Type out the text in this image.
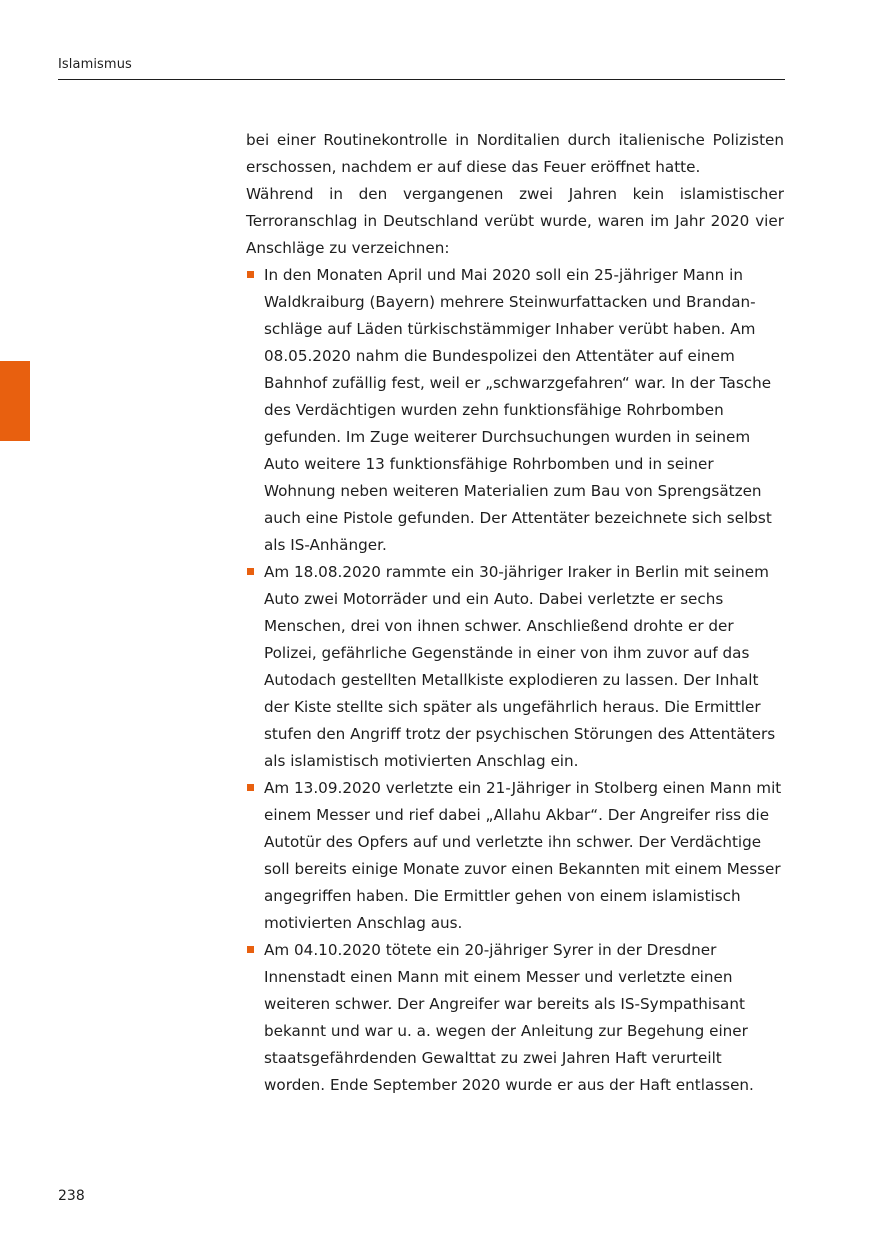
Islamismus

bei einer Routinekontrolle in Norditalien durch italienische Polizisten erschossen, nachdem er auf diese das Feuer eröffnet hatte.

Während in den vergangenen zwei Jahren kein islamistischer Terroranschlag in Deutschland verübt wurde, waren im Jahr 2020 vier Anschläge zu verzeichnen:

In den Monaten April und Mai 2020 soll ein 25-jähriger Mann in Waldkraiburg (Bayern) mehrere Steinwurfattacken und Brandanschläge auf Läden türkischstämmiger Inhaber verübt haben. Am 08.05.2020 nahm die Bundespolizei den Attentäter auf einem Bahnhof zufällig fest, weil er „schwarzgefahren“ war. In der Tasche des Verdächtigen wurden zehn funktionsfähige Rohrbomben gefunden. Im Zuge weiterer Durchsuchungen wurden in seinem Auto weitere 13 funktionsfähige Rohrbomben und in seiner Wohnung neben weiteren Materialien zum Bau von Sprengsätzen auch eine Pistole gefunden. Der Attentäter bezeichnete sich selbst als IS-Anhänger.
Am 18.08.2020 rammte ein 30-jähriger Iraker in Berlin mit seinem Auto zwei Motorräder und ein Auto. Dabei verletzte er sechs Menschen, drei von ihnen schwer. Anschließend drohte er der Polizei, gefährliche Gegenstände in einer von ihm zuvor auf das Autodach gestellten Metallkiste explodieren zu lassen. Der Inhalt der Kiste stellte sich später als ungefährlich heraus. Die Ermittler stufen den Angriff trotz der psychischen Störungen des Attentäters als islamistisch motivierten Anschlag ein.
Am 13.09.2020 verletzte ein 21-Jähriger in Stolberg einen Mann mit einem Messer und rief dabei „Allahu Akbar“. Der Angreifer riss die Autotür des Opfers auf und verletzte ihn schwer. Der Verdächtige soll bereits einige Monate zuvor einen Bekannten mit einem Messer angegriffen haben. Die Ermittler gehen von einem islamistisch motivierten Anschlag aus.
Am 04.10.2020 tötete ein 20-jähriger Syrer in der Dresdner Innenstadt einen Mann mit einem Messer und verletzte einen weiteren schwer. Der Angreifer war bereits als IS-Sympathisant bekannt und war u. a. wegen der Anleitung zur Begehung einer staatsgefährdenden Gewalttat zu zwei Jahren Haft verurteilt worden. Ende September 2020 wurde er aus der Haft entlassen.
238
